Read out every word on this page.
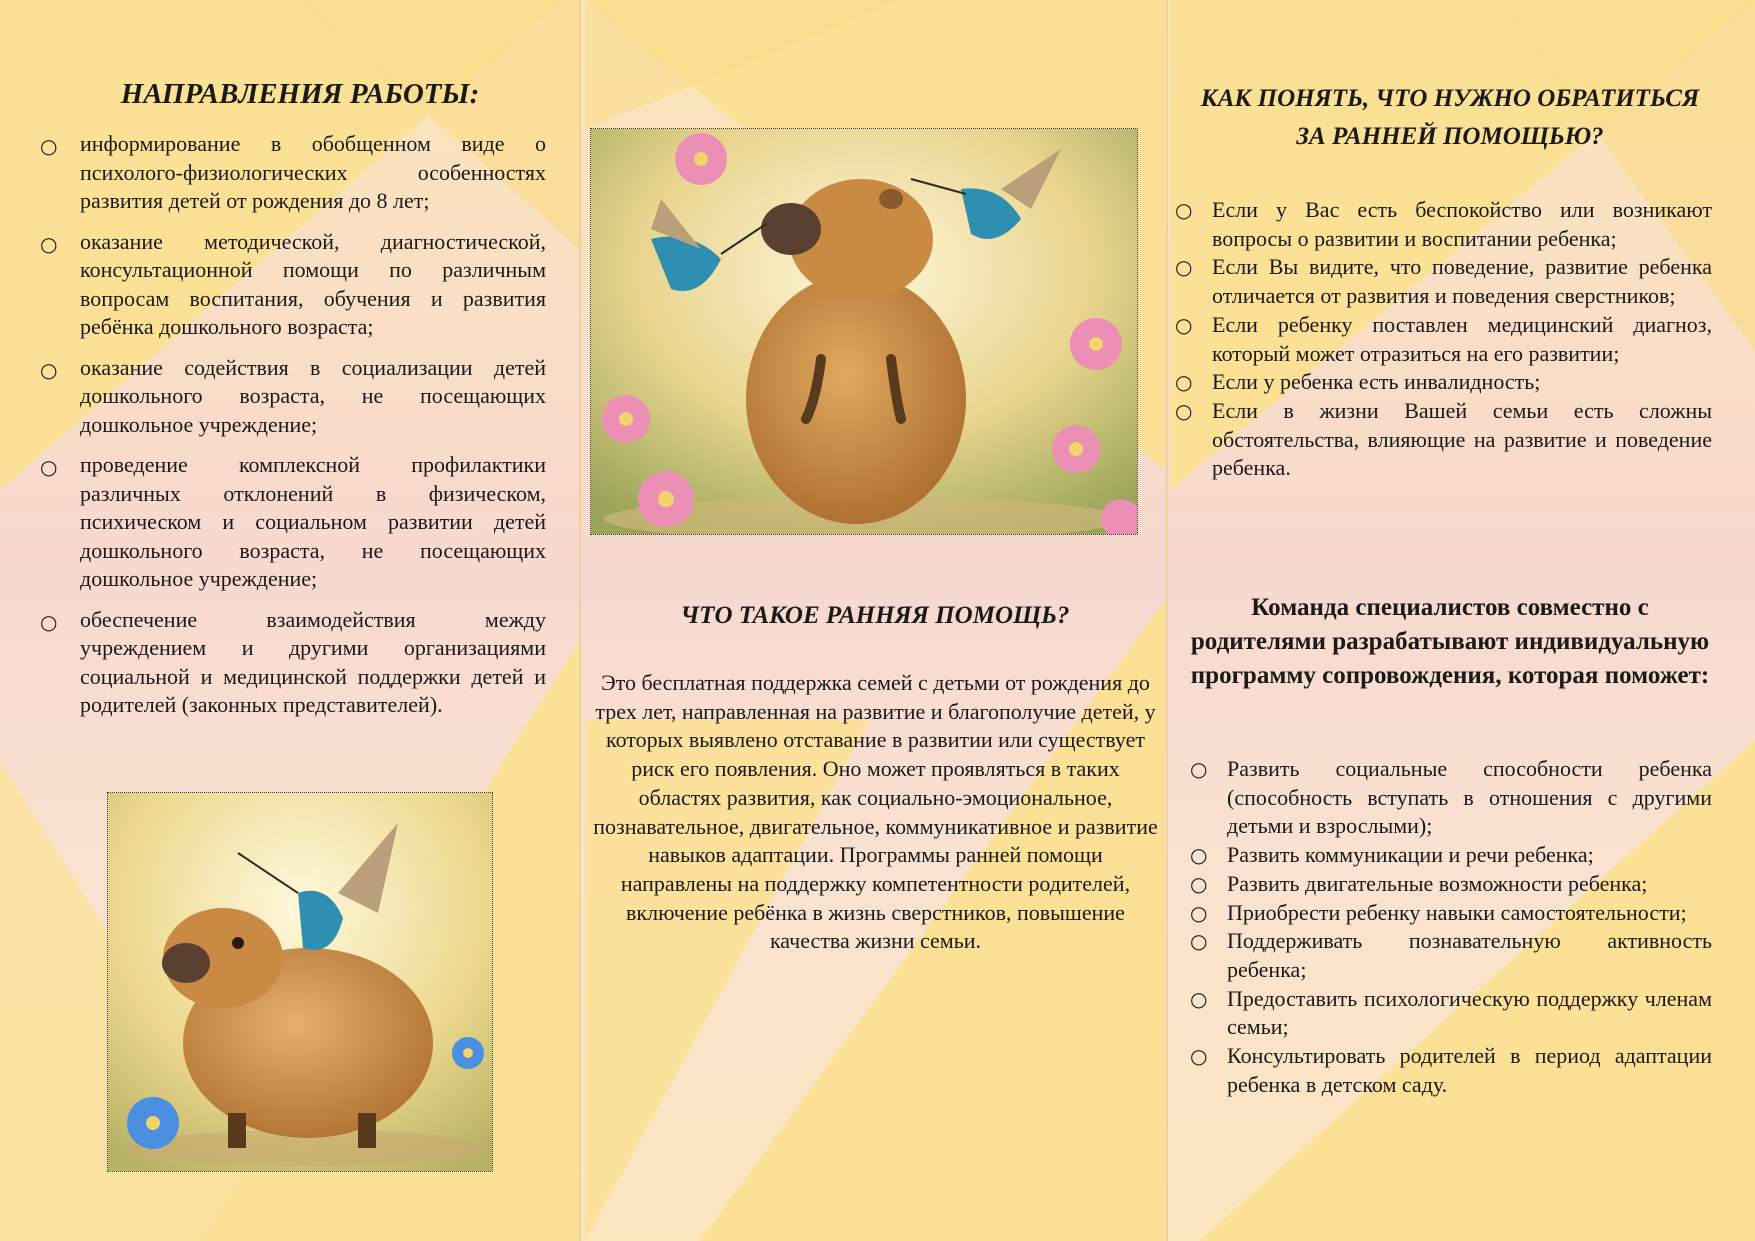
НАПРАВЛЕНИЯ РАБОТЫ:
○ информирование в обобщенном виде о психолого-физиологических особенностях развития детей от рождения до 8 лет;
○ оказание методической, диагностической, консультационной помощи по различным вопросам воспитания, обучения и развития ребёнка дошкольного возраста;
○ оказание содействия в социализации детей дошкольного возраста, не посещающих дошкольное учреждение;
○ проведение комплексной профилактики различных отклонений в физическом, психическом и социальном развитии детей дошкольного возраста, не посещающих дошкольное учреждение;
○ обеспечение взаимодействия между учреждением и другими организациями социальной и медицинской поддержки детей и родителей (законных представителей).
ЧТО ТАКОЕ РАННЯЯ ПОМОЩЬ?

Это бесплатная поддержка семей с детьми от рождения до трех лет, направленная на развитие и благополучие детей, у которых выявлено отставание в развитии или существует риск его появления. Оно может проявляться в таких областях развития, как социально-эмоциональное, познавательное, двигательное, коммуникативное и развитие навыков адаптации. Программы ранней помощи направлены на поддержку компетентности родителей, включение ребёнка в жизнь сверстников, повышение качества жизни семьи.

КАК ПОНЯТЬ, ЧТО НУЖНО ОБРАТИТЬСЯ ЗА РАННЕЙ ПОМОЩЬЮ?
○ Если у Вас есть беспокойство или возникают вопросы о развитии и воспитании ребенка;
○ Если Вы видите, что поведение, развитие ребенка отличается от развития и поведения сверстников;
○ Если ребенку поставлен медицинский диагноз, который может отразиться на его развитии;
○ Если у ребенка есть инвалидность;
○ Если в жизни Вашей семьи есть сложны обстоятельства, влияющие на развитие и поведение ребенка.

Команда специалистов совместно с родителями разрабатывают индивидуальную программу сопровождения, которая поможет:

○ Развить социальные способности ребенка (способность вступать в отношения с другими детьми и взрослыми);
○ Развить коммуникации и речи ребенка;
○ Развить двигательные возможности ребенка;
○ Приобрести ребенку навыки самостоятельности;
○ Поддерживать познавательную активность ребенка;
○ Предоставить психологическую поддержку членам семьи;
○ Консультировать родителей в период адаптации ребенка в детском саду.
